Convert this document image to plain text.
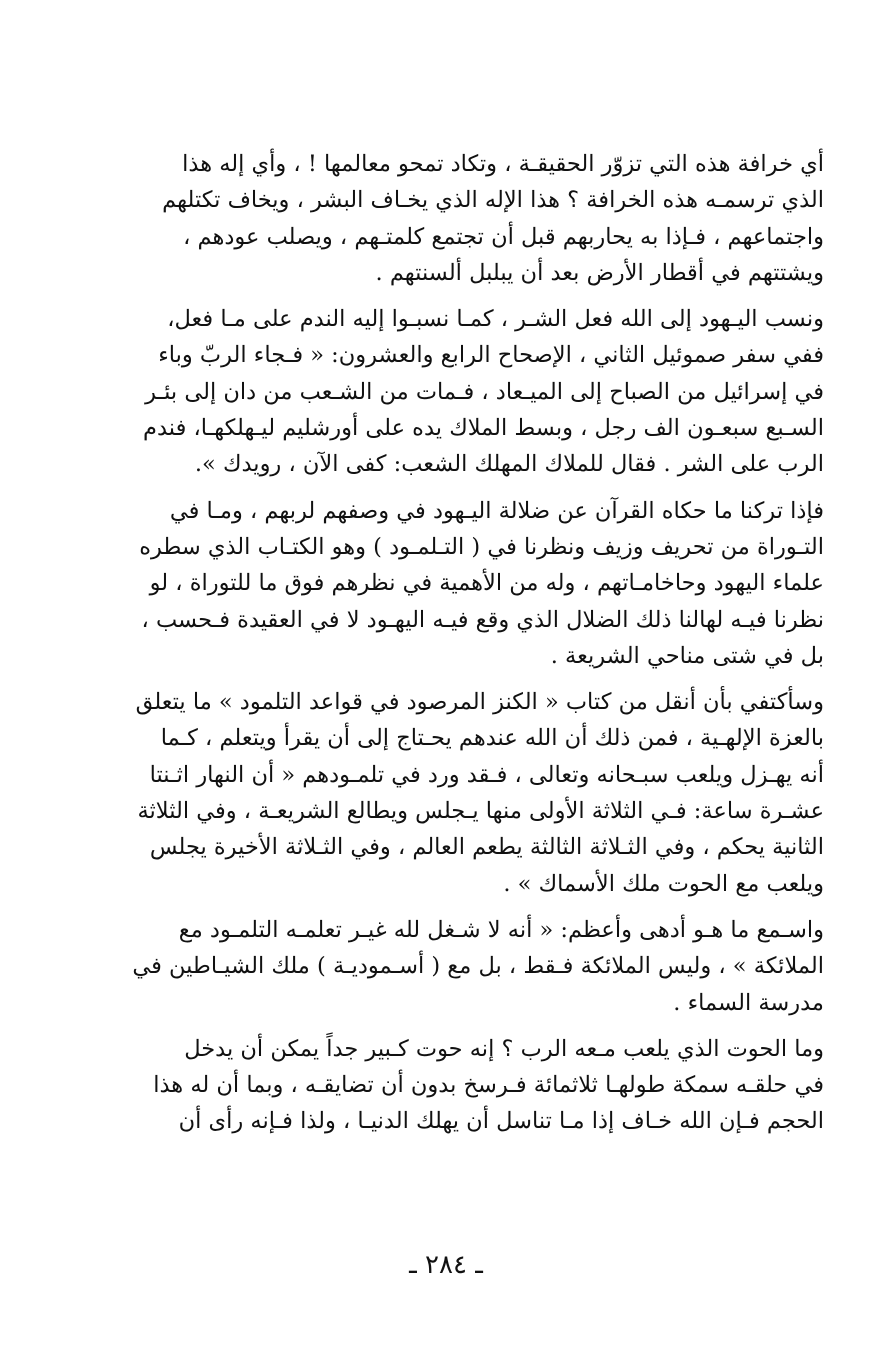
أي خرافة هذه التي تزوّر الحقيقـة ، وتكاد تمحو معالمها ! ، وأي إله هذا
الذي ترسمـه هذه الخرافة ؟ هذا الإله الذي يخـاف البشر ، ويخاف تكتلهم
واجتماعهم ، فـإذا به يحاربهم قبل أن تجتمع كلمتـهم ، ويصلب عودهم ،
ويشتتهم في أقطار الأرض بعد أن يبلبل ألسنتهم .

ونسب اليـهود إلى الله فعل الشـر ، كمـا نسبـوا إليه الندم على مـا فعل،
ففي سفر صموئيل الثاني ، الإصحاح الرابع والعشرون: « فـجاء الربّ وباء
في إسرائيل من الصباح إلى الميـعاد ، فـمات من الشـعب من دان إلى بئـر
السـبع سبعـون الف رجل ، وبسط الملاك يده على أورشليم ليـهلكهـا، فندم
الرب على الشر . فقال للملاك المهلك الشعب: كفى الآن ، رويدك ».

فإذا تركنا ما حكاه القرآن عن ضلالة اليـهود في وصفهم لربهم ، ومـا في
التـوراة من تحريف وزيف ونظرنا في ( التـلمـود ) وهو الكتـاب الذي سطره
علماء اليهود وحاخامـاتهم ، وله من الأهمية في نظرهم فوق ما للتوراة ، لو
نظرنا فيـه لهالنا ذلك الضلال الذي وقع فيـه اليهـود لا في العقيدة فـحسب ،
بل في شتى مناحي الشريعة .

وسأكتفي بأن أنقل من كتاب « الكنز المرصود في قواعد التلمود » ما يتعلق
بالعزة الإلهـية ، فمن ذلك أن الله عندهم يحـتاج إلى أن يقرأ ويتعلم ، كـما
أنه يهـزل ويلعب سبـحانه وتعالى ، فـقد ورد في تلمـودهم « أن النهار اثـنتا
عشـرة ساعة: فـي الثلاثة الأولى منها يـجلس ويطالع الشريعـة ، وفي الثلاثة
الثانية يحكم ، وفي الثـلاثة الثالثة يطعم العالم ، وفي الثـلاثة الأخيرة يجلس
ويلعب مع الحوت ملك الأسماك » .

واسـمع ما هـو أدهى وأعظم: « أنه لا شـغل لله غيـر تعلمـه التلمـود مع
الملائكة » ، وليس الملائكة فـقط ، بل مع ( أسـموديـة ) ملك الشيـاطين في
مدرسة السماء .

وما الحوت الذي يلعب مـعه الرب ؟ إنه حوت كـبير جداً يمكن أن يدخل
في حلقـه سمكة طولهـا ثلاثمائة فـرسخ بدون أن تضايقـه ، وبما أن له هذا
الحجم فـإن الله خـاف إذا مـا تناسل أن يهلك الدنيـا ، ولذا فـإنه رأى أن

ـ ٢٨٤ ـ
